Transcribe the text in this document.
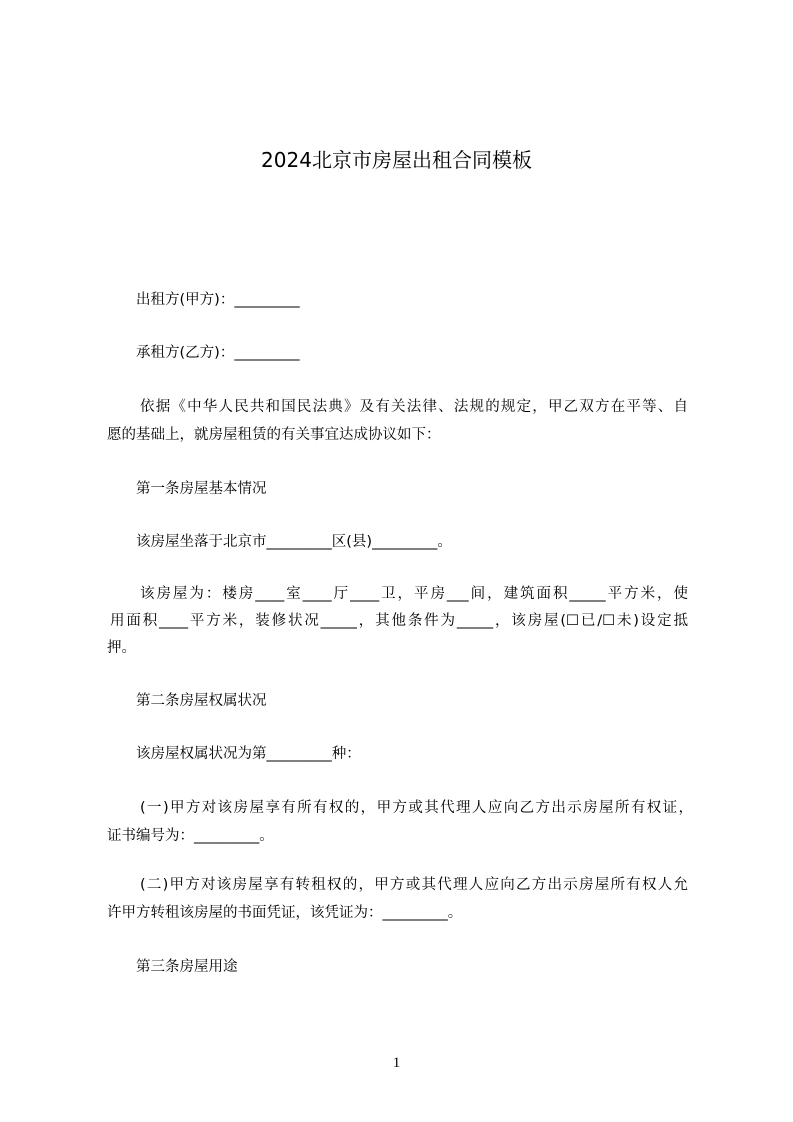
2024北京市房屋出租合同模板
出租方(甲方)：_________
承租方(乙方)：_________
依据《中华人民共和国民法典》及有关法律、法规的规定，甲乙双方在平等、自
愿的基础上，就房屋租赁的有关事宜达成协议如下：
第一条房屋基本情况
该房屋坐落于北京市_________区(县)_________。
该房屋为：楼房____室____厅____卫，平房___间，建筑面积_____平方米，使
用面积____平方米，装修状况_____，其他条件为_____，该房屋(☐已/☐未)设定抵
押。
第二条房屋权属状况
该房屋权属状况为第_________种：
(一)甲方对该房屋享有所有权的，甲方或其代理人应向乙方出示房屋所有权证，
证书编号为：_________。
(二)甲方对该房屋享有转租权的，甲方或其代理人应向乙方出示房屋所有权人允
许甲方转租该房屋的书面凭证，该凭证为：_________。
第三条房屋用途
1
